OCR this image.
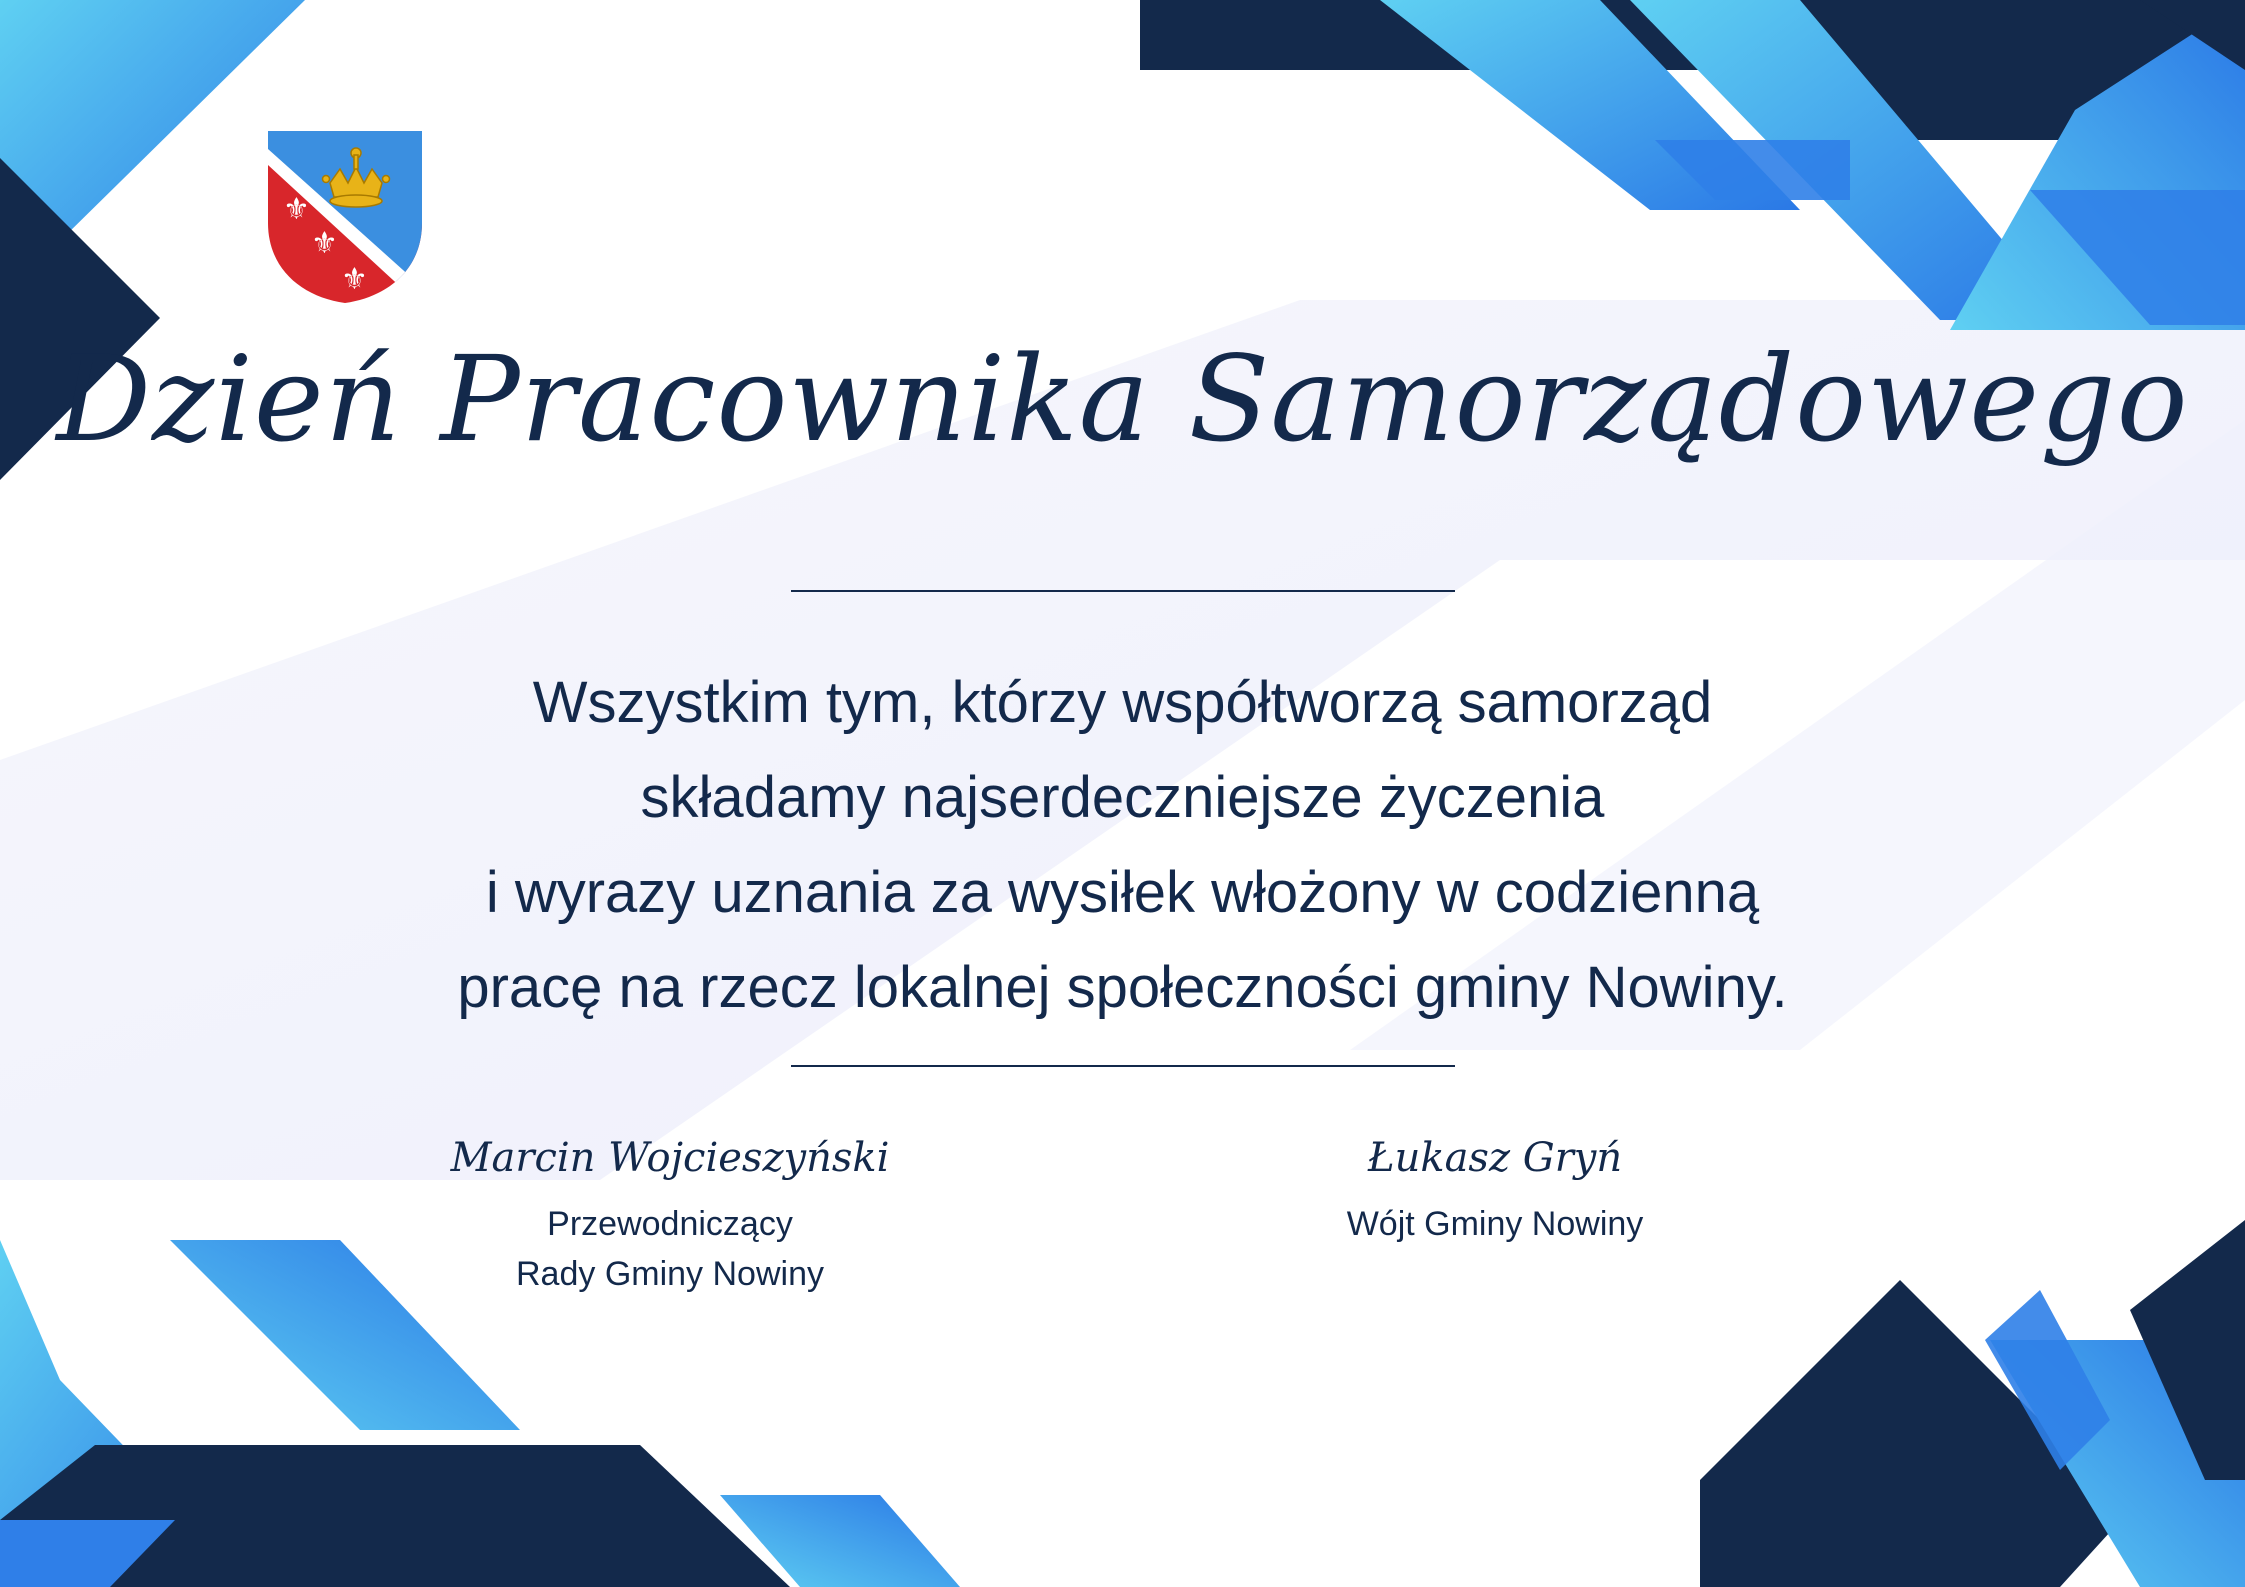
⚜
⚜
⚜
Dzień Pracownika Samorządowego
Wszystkim tym, którzy współtworzą samorząd
składamy najserdeczniejsze życzenia
i wyrazy uznania za wysiłek włożony w codzienną
pracę na rzecz lokalnej społeczności gminy Nowiny.
Marcin Wojcieszyński
Przewodniczący
Rady Gminy Nowiny
Łukasz Gryń
Wójt Gminy Nowiny
